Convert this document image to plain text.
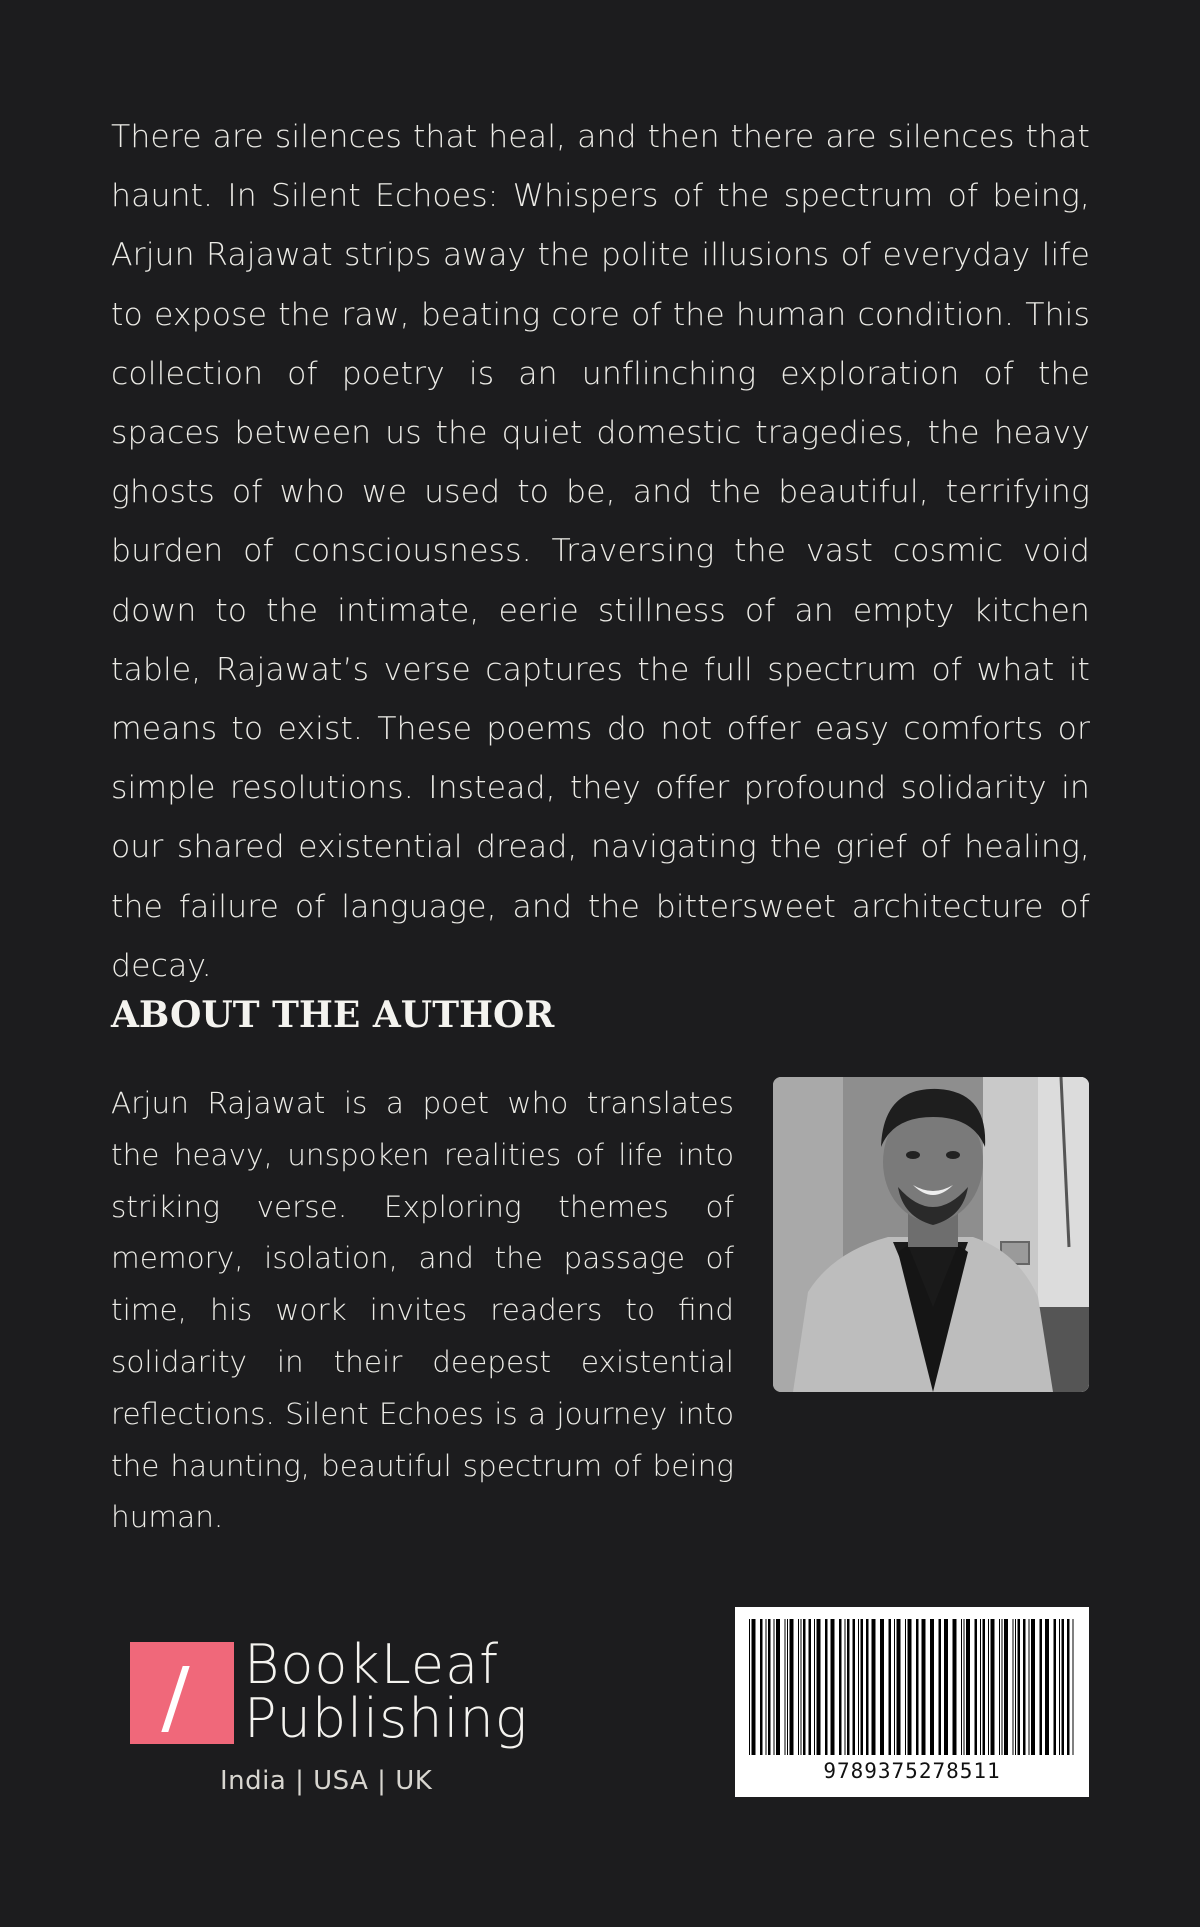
There are silences that heal, and then there are silences that haunt. In Silent Echoes: Whispers of the spectrum of being, Arjun Rajawat strips away the polite illusions of everyday life to expose the raw, beating core of the human condition. This collection of poetry is an unflinching exploration of the spaces between us the quiet domestic tragedies, the heavy ghosts of who we used to be, and the beautiful, terrifying burden of consciousness. Traversing the vast cosmic void down to the intimate, eerie stillness of an empty kitchen table, Rajawat’s verse captures the full spectrum of what it means to exist. These poems do not offer easy comforts or simple resolutions. Instead, they offer profound solidarity in our shared existential dread, navigating the grief of healing, the failure of language, and the bittersweet architecture of decay.

ABOUT THE AUTHOR

Arjun Rajawat is a poet who translates the heavy, unspoken realities of life into striking verse. Exploring themes of memory, isolation, and the passage of time, his work invites readers to find solidarity in their deepest existential reflections. Silent Echoes is a journey into the haunting, beautiful spectrum of being human.

BookLeaf

Publishing

India | USA | UK	9789375278511
